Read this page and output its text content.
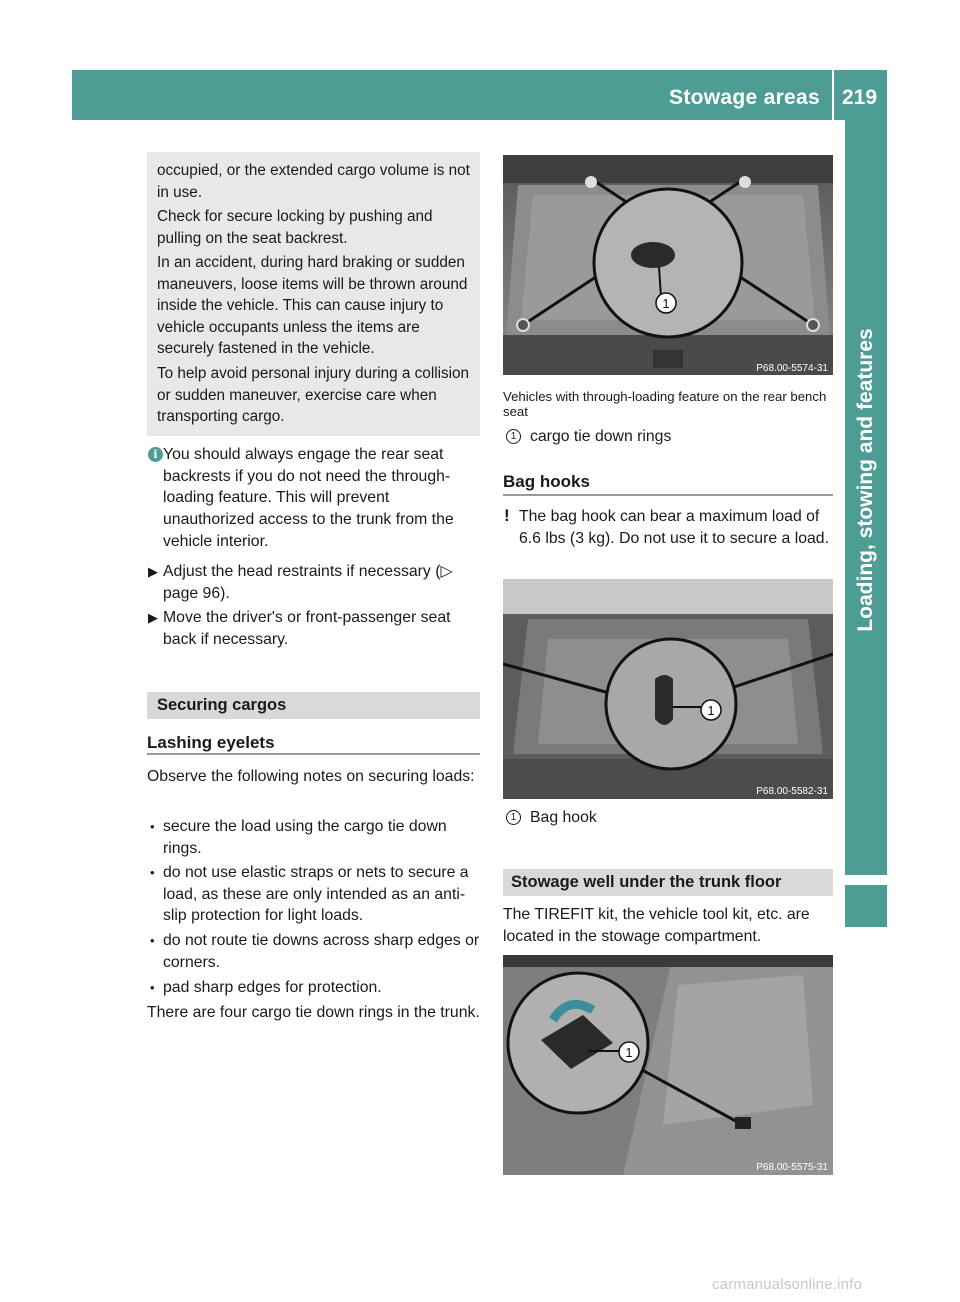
Stowage areas 219
Loading, stowing and features

occupied, or the extended cargo volume is not in use.

Check for secure locking by pushing and pulling on the seat backrest.

In an accident, during hard braking or sudden maneuvers, loose items will be thrown around inside the vehicle. This can cause injury to vehicle occupants unless the items are securely fastened in the vehicle.

To help avoid personal injury during a collision or sudden maneuver, exercise care when transporting cargo.

i You should always engage the rear seat backrests if you do not need the through-loading feature. This will prevent unauthorized access to the trunk from the vehicle interior.

▶ Adjust the head restraints if necessary (▷ page 96).

▶ Move the driver's or front-passenger seat back if necessary.

Securing cargos
Lashing eyelets

Observe the following notes on securing loads:

• secure the load using the cargo tie down rings.

• do not use elastic straps or nets to secure a load, as these are only intended as an anti-slip protection for light loads.

• do not route tie downs across sharp edges or corners.

• pad sharp edges for protection.

There are four cargo tie down rings in the trunk.

1
P68.00-5574-31

Vehicles with through-loading feature on the rear bench seat

1 cargo tie down rings

Bag hooks
! The bag hook can bear a maximum load of 6.6 lbs (3 kg). Do not use it to secure a load.

1
P68.00-5582-31
1 Bag hook

Stowage well under the trunk floor

The TIREFIT kit, the vehicle tool kit, etc. are located in the stowage compartment.

1
P68.00-5575-31
carmanualsonline.info
